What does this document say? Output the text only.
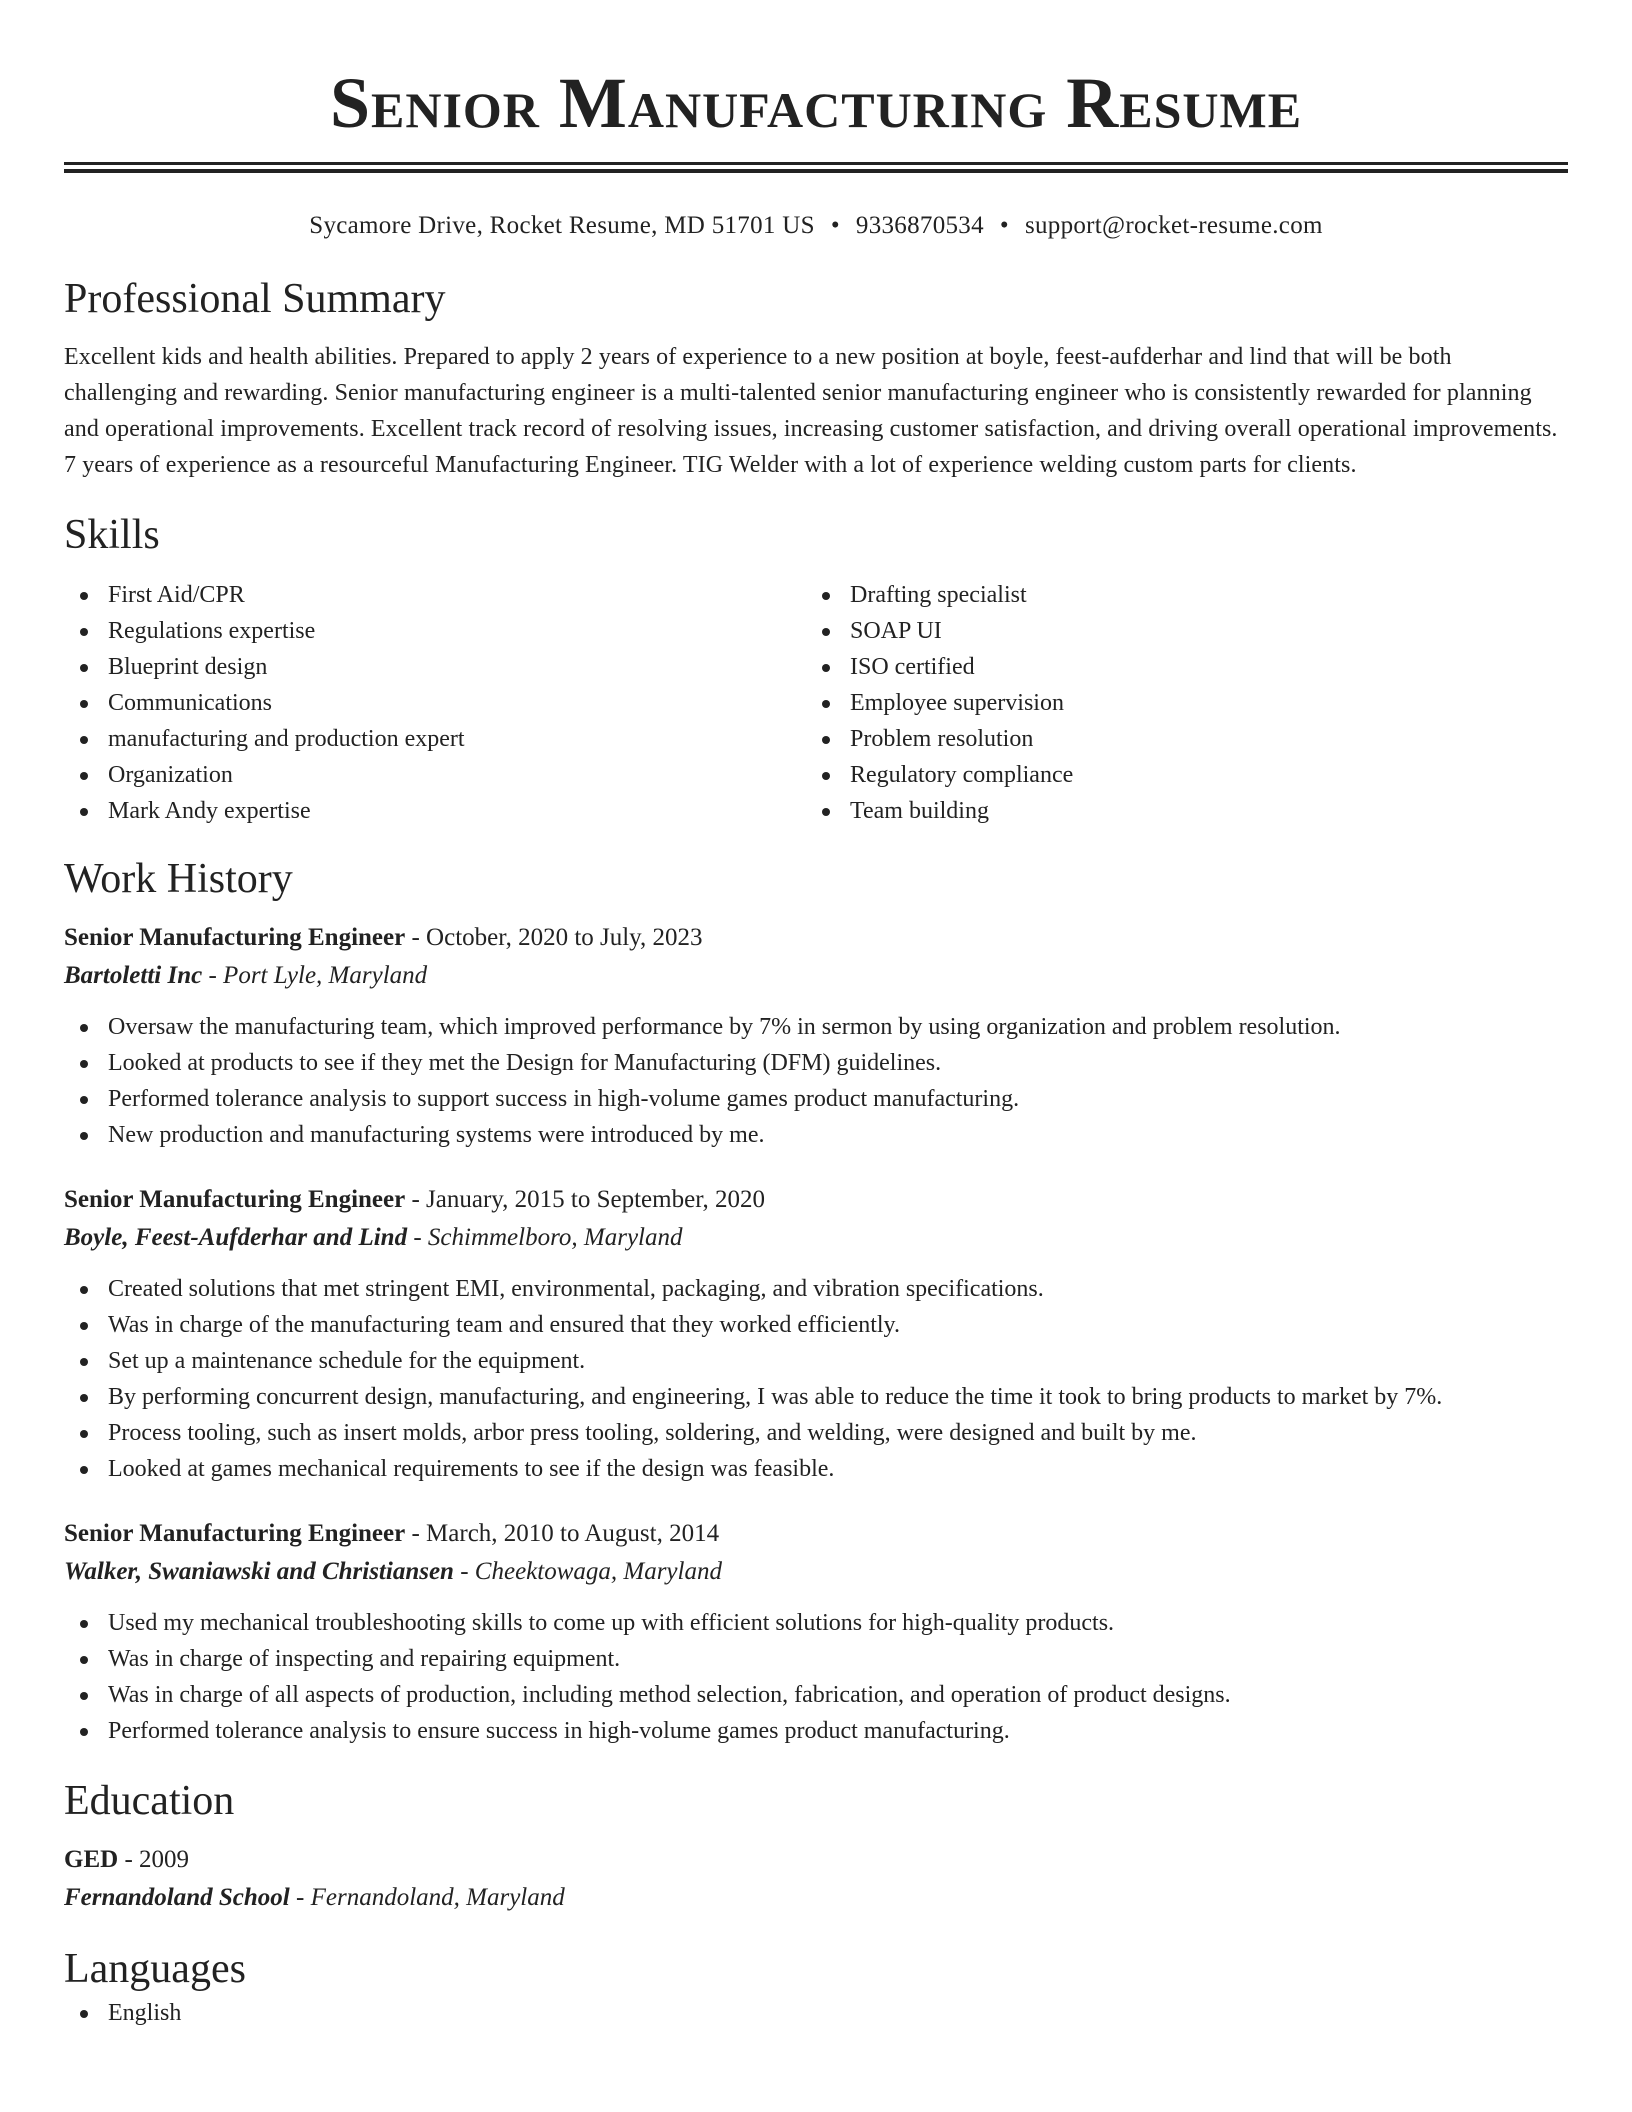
Senior Manufacturing Resume
Sycamore Drive, Rocket Resume, MD 51701 US • 9336870534 • support@rocket-resume.com
Professional Summary
Excellent kids and health abilities. Prepared to apply 2 years of experience to a new position at boyle, feest-aufderhar and lind that will be both challenging and rewarding. Senior manufacturing engineer is a multi-talented senior manufacturing engineer who is consistently rewarded for planning and operational improvements. Excellent track record of resolving issues, increasing customer satisfaction, and driving overall operational improvements. 7 years of experience as a resourceful Manufacturing Engineer. TIG Welder with a lot of experience welding custom parts for clients.
Skills
First Aid/CPR
Regulations expertise
Blueprint design
Communications
manufacturing and production expert
Organization
Mark Andy expertise
Drafting specialist
SOAP UI
ISO certified
Employee supervision
Problem resolution
Regulatory compliance
Team building
Work History
Senior Manufacturing Engineer - October, 2020 to July, 2023
Bartoletti Inc - Port Lyle, Maryland
Oversaw the manufacturing team, which improved performance by 7% in sermon by using organization and problem resolution.
Looked at products to see if they met the Design for Manufacturing (DFM) guidelines.
Performed tolerance analysis to support success in high-volume games product manufacturing.
New production and manufacturing systems were introduced by me.
Senior Manufacturing Engineer - January, 2015 to September, 2020
Boyle, Feest-Aufderhar and Lind - Schimmelboro, Maryland
Created solutions that met stringent EMI, environmental, packaging, and vibration specifications.
Was in charge of the manufacturing team and ensured that they worked efficiently.
Set up a maintenance schedule for the equipment.
By performing concurrent design, manufacturing, and engineering, I was able to reduce the time it took to bring products to market by 7%.
Process tooling, such as insert molds, arbor press tooling, soldering, and welding, were designed and built by me.
Looked at games mechanical requirements to see if the design was feasible.
Senior Manufacturing Engineer - March, 2010 to August, 2014
Walker, Swaniawski and Christiansen - Cheektowaga, Maryland
Used my mechanical troubleshooting skills to come up with efficient solutions for high-quality products.
Was in charge of inspecting and repairing equipment.
Was in charge of all aspects of production, including method selection, fabrication, and operation of product designs.
Performed tolerance analysis to ensure success in high-volume games product manufacturing.
Education
GED - 2009
Fernandoland School - Fernandoland, Maryland
Languages
English
